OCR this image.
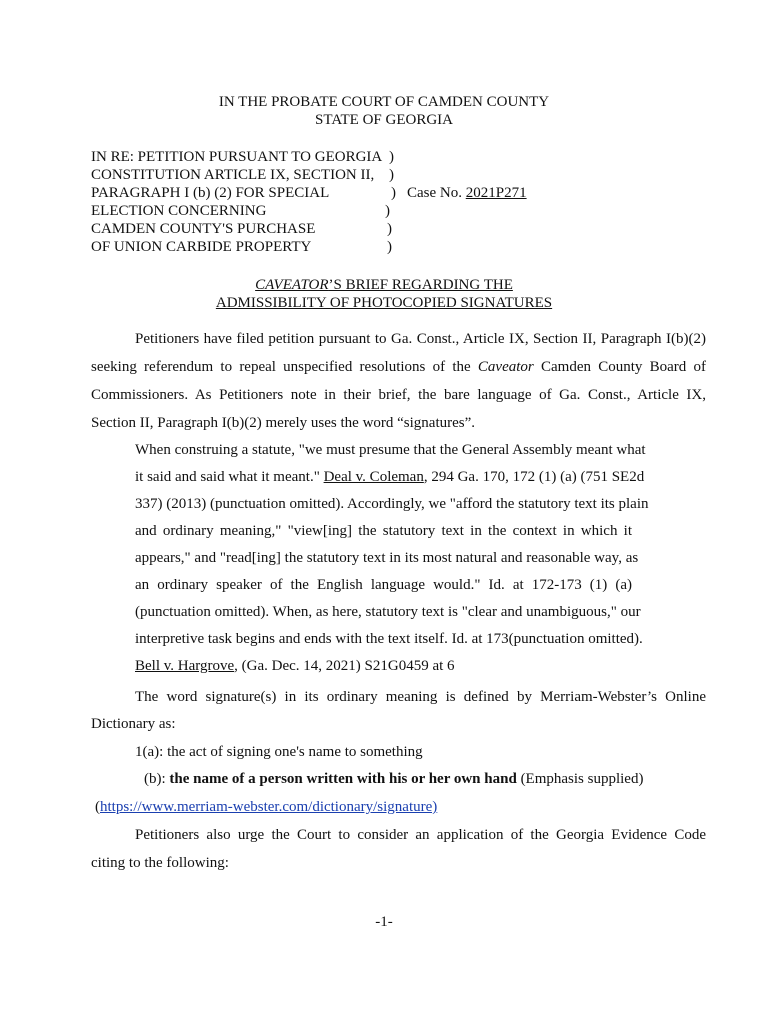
IN THE PROBATE COURT OF CAMDEN COUNTY
STATE OF GEORGIA
IN RE: PETITION PURSUANT TO GEORGIA )
CONSTITUTION ARTICLE IX, SECTION II, )
PARAGRAPH I (b) (2) FOR SPECIAL	) Case No. 2021P271
ELECTION CONCERNING	)
CAMDEN COUNTY'S PURCHASE	)
OF UNION CARBIDE PROPERTY	)
CAVEATOR’S BRIEF REGARDING THE
ADMISSIBILITY OF PHOTOCOPIED SIGNATURES
Petitioners have filed petition pursuant to Ga. Const., Article IX, Section II, Paragraph I(b)(2)
seeking referendum to repeal unspecified resolutions of the Caveator Camden County Board of
Commissioners. As Petitioners note in their brief, the bare language of Ga. Const., Article IX,
Section II, Paragraph I(b)(2) merely uses the word “signatures”.
When construing a statute, "we must presume that the General Assembly meant what
it said and said what it meant." Deal v. Coleman, 294 Ga. 170, 172 (1) (a) (751 SE2d
337) (2013) (punctuation omitted). Accordingly, we "afford the statutory text its plain
and ordinary meaning," "view[ing] the statutory text in the context in which it
appears," and "read[ing] the statutory text in its most natural and reasonable way, as
an ordinary speaker of the English language would." Id. at 172-173 (1) (a)
(punctuation omitted). When, as here, statutory text is "clear and unambiguous," our
interpretive task begins and ends with the text itself. Id. at 173(punctuation omitted).
Bell v. Hargrove, (Ga. Dec. 14, 2021) S21G0459 at 6
The word signature(s) in its ordinary meaning is defined by Merriam-Webster’s Online
Dictionary as:
1(a): the act of signing one's name to something
(b): the name of a person written with his or her own hand (Emphasis supplied)
(https://www.merriam-webster.com/dictionary/signature)
Petitioners also urge the Court to consider an application of the Georgia Evidence Code
citing to the following:
-1-
